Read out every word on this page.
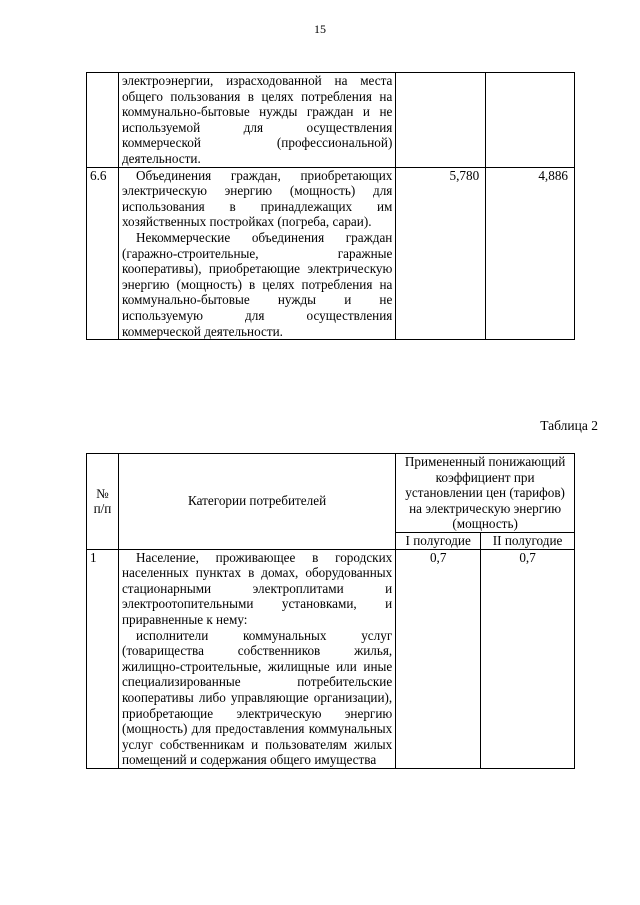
15

	электроэнергии, израсходованной на места общего пользования в целях потребления на коммунально-бытовые нужды граждан и не используемой для осуществления коммерческой (профессиональной) деятельности.		

6.6	Объединения граждан, приобретающих электрическую энергию (мощность) для использования в принадлежащих им хозяйственных постройках (погреба, сараи).

Некоммерческие объединения граждан (гаражно-строительные, гаражные кооперативы), приобретающие электрическую энергию (мощность) в целях потребления на коммунально-бытовые нужды и не используемую для осуществления коммерческой деятельности.	5,780	4,886
Таблица 2
№ п/п	Категории потребителей	Примененный понижающий коэффициент при установлении цен (тарифов) на электрическую энергию (мощность)	
		I полугодие	II полугодие
1	Население, проживающее в городских населенных пунктах в домах, оборудованных стационарными электроплитами и электроотопительными установками, и приравненные к нему:

исполнители коммунальных услуг (товарищества собственников жилья, жилищно-строительные, жилищные или иные специализированные потребительские кооперативы либо управляющие организации), приобретающие электрическую энергию (мощность) для предоставления коммунальных услуг собственникам и пользователям жилых помещений и содержания общего имущества	0,7	0,7
